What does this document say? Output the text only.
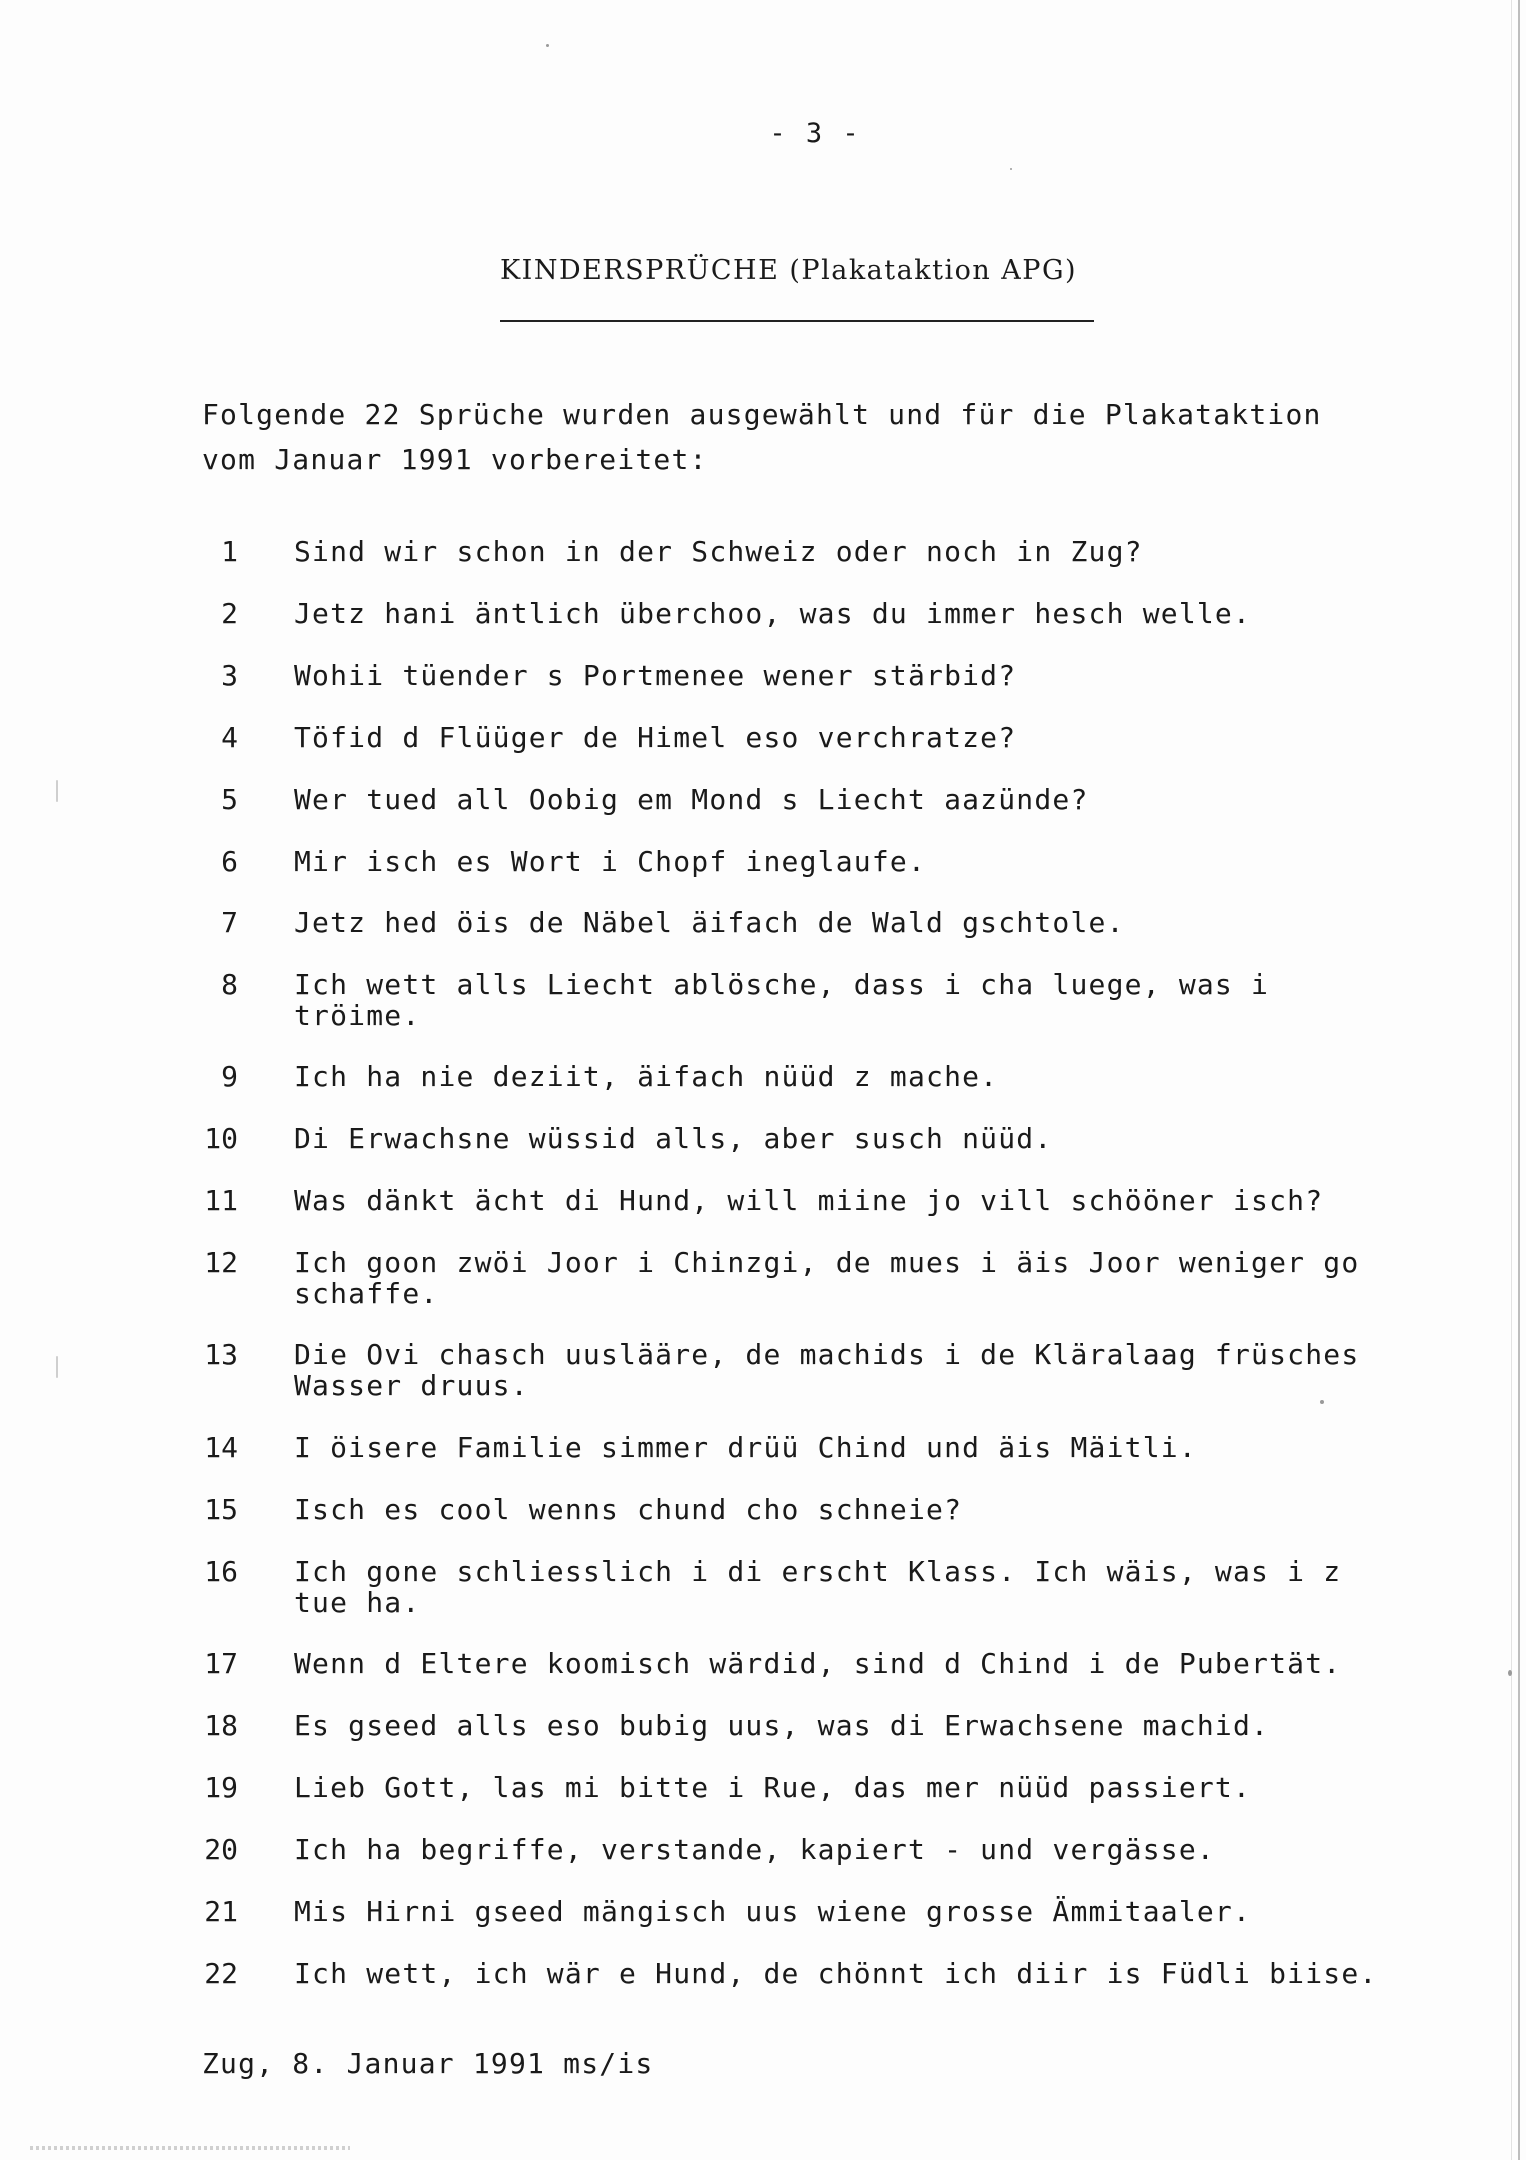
- 3 -
KINDERSPRÜCHE (Plakataktion APG)
Folgende 22 Sprüche wurden ausgewählt und für die Plakataktion
vom Januar 1991 vorbereitet:
1 Sind wir schon in der Schweiz oder noch in Zug?
2 Jetz hani äntlich überchoo, was du immer hesch welle.
3 Wohii tüender s Portmenee wener stärbid?
4 Töfid d Flüüger de Himel eso verchratze?
5 Wer tued all Oobig em Mond s Liecht aazünde?
6 Mir isch es Wort i Chopf ineglaufe.
7 Jetz hed öis de Näbel äifach de Wald gschtole.
8 Ich wett alls Liecht ablösche, dass i cha luege, was i tröime.
9 Ich ha nie deziit, äifach nüüd z mache.
10 Di Erwachsne wüssid alls, aber susch nüüd.
11 Was dänkt ächt di Hund, will miine jo vill schööner isch?
12 Ich goon zwöi Joor i Chinzgi, de mues i äis Joor weniger go schaffe.
13 Die Ovi chasch uuslääre, de machids i de Kläralaag früsches Wasser druus.
14 I öisere Familie simmer drüü Chind und äis Mäitli.
15 Isch es cool wenns chund cho schneie?
16 Ich gone schliesslich i di erscht Klass. Ich wäis, was i z tue ha.
17 Wenn d Eltere koomisch wärdid, sind d Chind i de Pubertät.
18 Es gseed alls eso bubig uus, was di Erwachsene machid.
19 Lieb Gott, las mi bitte i Rue, das mer nüüd passiert.
20 Ich ha begriffe, verstande, kapiert - und vergässe.
21 Mis Hirni gseed mängisch uus wiene grosse Ämmitaaler.
22 Ich wett, ich wär e Hund, de chönnt ich diir is Füdli biise.
Zug, 8. Januar 1991 ms/is
